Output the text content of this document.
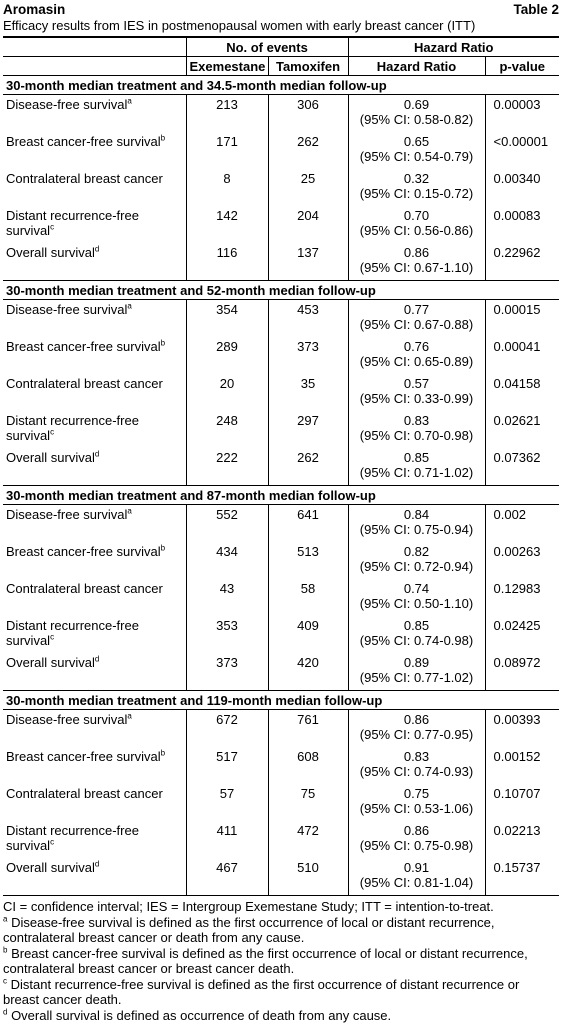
Aromasin	Table 2
Efficacy results from IES in postmenopausal women with early breast cancer (ITT)
	No. of events		Hazard Ratio	
	Exemestane	Tamoxifen	Hazard Ratio	p-value
30-month median treatment and 34.5-month median follow-up				
Disease-free survival$^a$	213	306	0.69
(95% CI: 0.58-0.82)	0.00003
Breast cancer-free survival$^b$	171	262	0.65
(95% CI: 0.54-0.79)	<0.00001
Contralateral breast cancer	8	25	0.32
(95% CI: 0.15-0.72)	0.00340
Distant recurrence-free survival$^c$	142	204	0.70
(95% CI: 0.56-0.86)	0.00083
Overall survival$^d$	116	137	0.86
(95% CI: 0.67-1.10)	0.22962
30-month median treatment and 52-month median follow-up				
Disease-free survival$^a$	354	453	0.77
(95% CI: 0.67-0.88)	0.00015
Breast cancer-free survival$^b$	289	373	0.76
(95% CI: 0.65-0.89)	0.00041
Contralateral breast cancer	20	35	0.57
(95% CI: 0.33-0.99)	0.04158
Distant recurrence-free survival$^c$	248	297	0.83
(95% CI: 0.70-0.98)	0.02621
Overall survival$^d$	222	262	0.85
(95% CI: 0.71-1.02)	0.07362
30-month median treatment and 87-month median follow-up				
Disease-free survival$^a$	552	641	0.84
(95% CI: 0.75-0.94)	0.002
Breast cancer-free survival$^b$	434	513	0.82
(95% CI: 0.72-0.94)	0.00263
Contralateral breast cancer	43	58	0.74
(95% CI: 0.50-1.10)	0.12983
Distant recurrence-free survival$^c$	353	409	0.85
(95% CI: 0.74-0.98)	0.02425
Overall survival$^d$	373	420	0.89
(95% CI: 0.77-1.02)	0.08972
30-month median treatment and 119-month median follow-up				
Disease-free survival$^a$	672	761	0.86
(95% CI: 0.77-0.95)	0.00393
Breast cancer-free survival$^b$	517	608	0.83
(95% CI: 0.74-0.93)	0.00152
Contralateral breast cancer	57	75	0.75
(95% CI: 0.53-1.06)	0.10707
Distant recurrence-free survival$^c$	411	472	0.86
(95% CI: 0.75-0.98)	0.02213
Overall survival$^d$	467	510	0.91
(95% CI: 0.81-1.04)	0.15737

CI = confidence interval; IES = Intergroup Exemestane Study; ITT = intention-to-treat.

$^a$ Disease-free survival is defined as the first occurrence of local or distant recurrence, contralateral breast cancer or death from any cause.

$^b$ Breast cancer-free survival is defined as the first occurrence of local or distant recurrence, contralateral breast cancer or breast cancer death.

$^c$ Distant recurrence-free survival is defined as the first occurrence of distant recurrence or breast cancer death.

$^d$ Overall survival is defined as occurrence of death from any cause.
